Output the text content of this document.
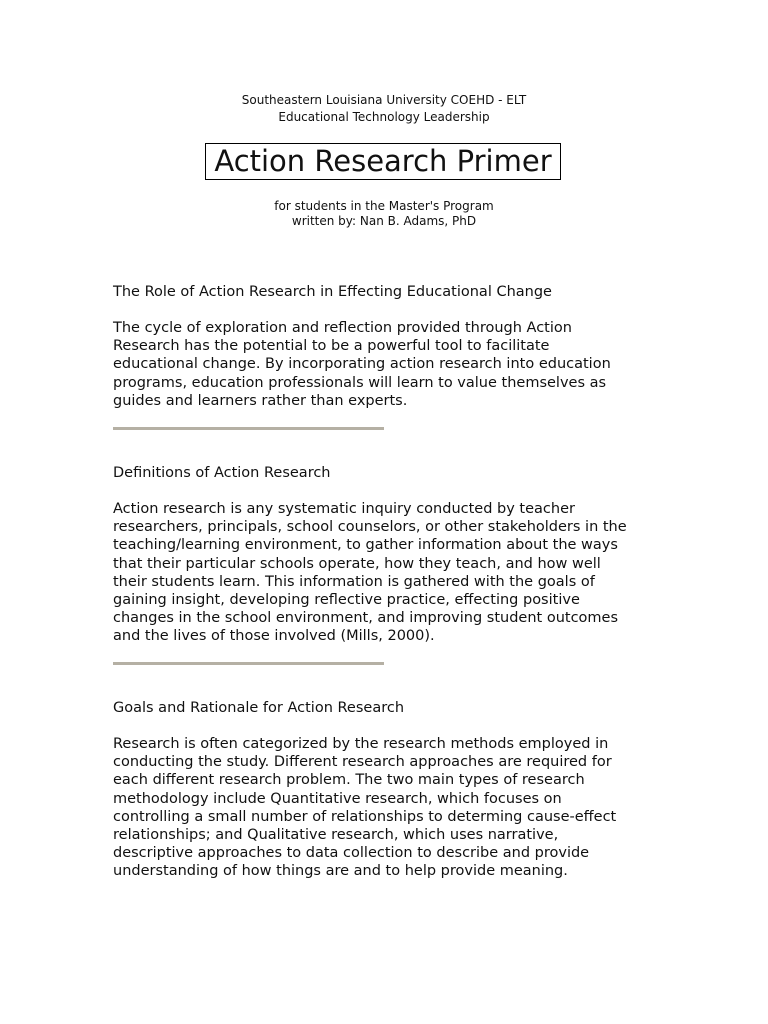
Southeastern Louisiana University COEHD - ELT
Educational Technology Leadership
Action Research Primer
for students in the Master's Program
written by: Nan B. Adams, PhD
The Role of Action Research in Effecting Educational Change

The cycle of exploration and reflection provided through Action
Research has the potential to be a powerful tool to facilitate
educational change. By incorporating action research into education
programs, education professionals will learn to value themselves as
guides and learners rather than experts.

Definitions of Action Research

Action research is any systematic inquiry conducted by teacher
researchers, principals, school counselors, or other stakeholders in the
teaching/learning environment, to gather information about the ways
that their particular schools operate, how they teach, and how well
their students learn. This information is gathered with the goals of
gaining insight, developing reflective practice, effecting positive
changes in the school environment, and improving student outcomes
and the lives of those involved (Mills, 2000).

Goals and Rationale for Action Research

Research is often categorized by the research methods employed in
conducting the study. Different research approaches are required for
each different research problem. The two main types of research
methodology include Quantitative research, which focuses on
controlling a small number of relationships to determing cause-effect
relationships; and Qualitative research, which uses narrative,
descriptive approaches to data collection to describe and provide
understanding of how things are and to help provide meaning.
